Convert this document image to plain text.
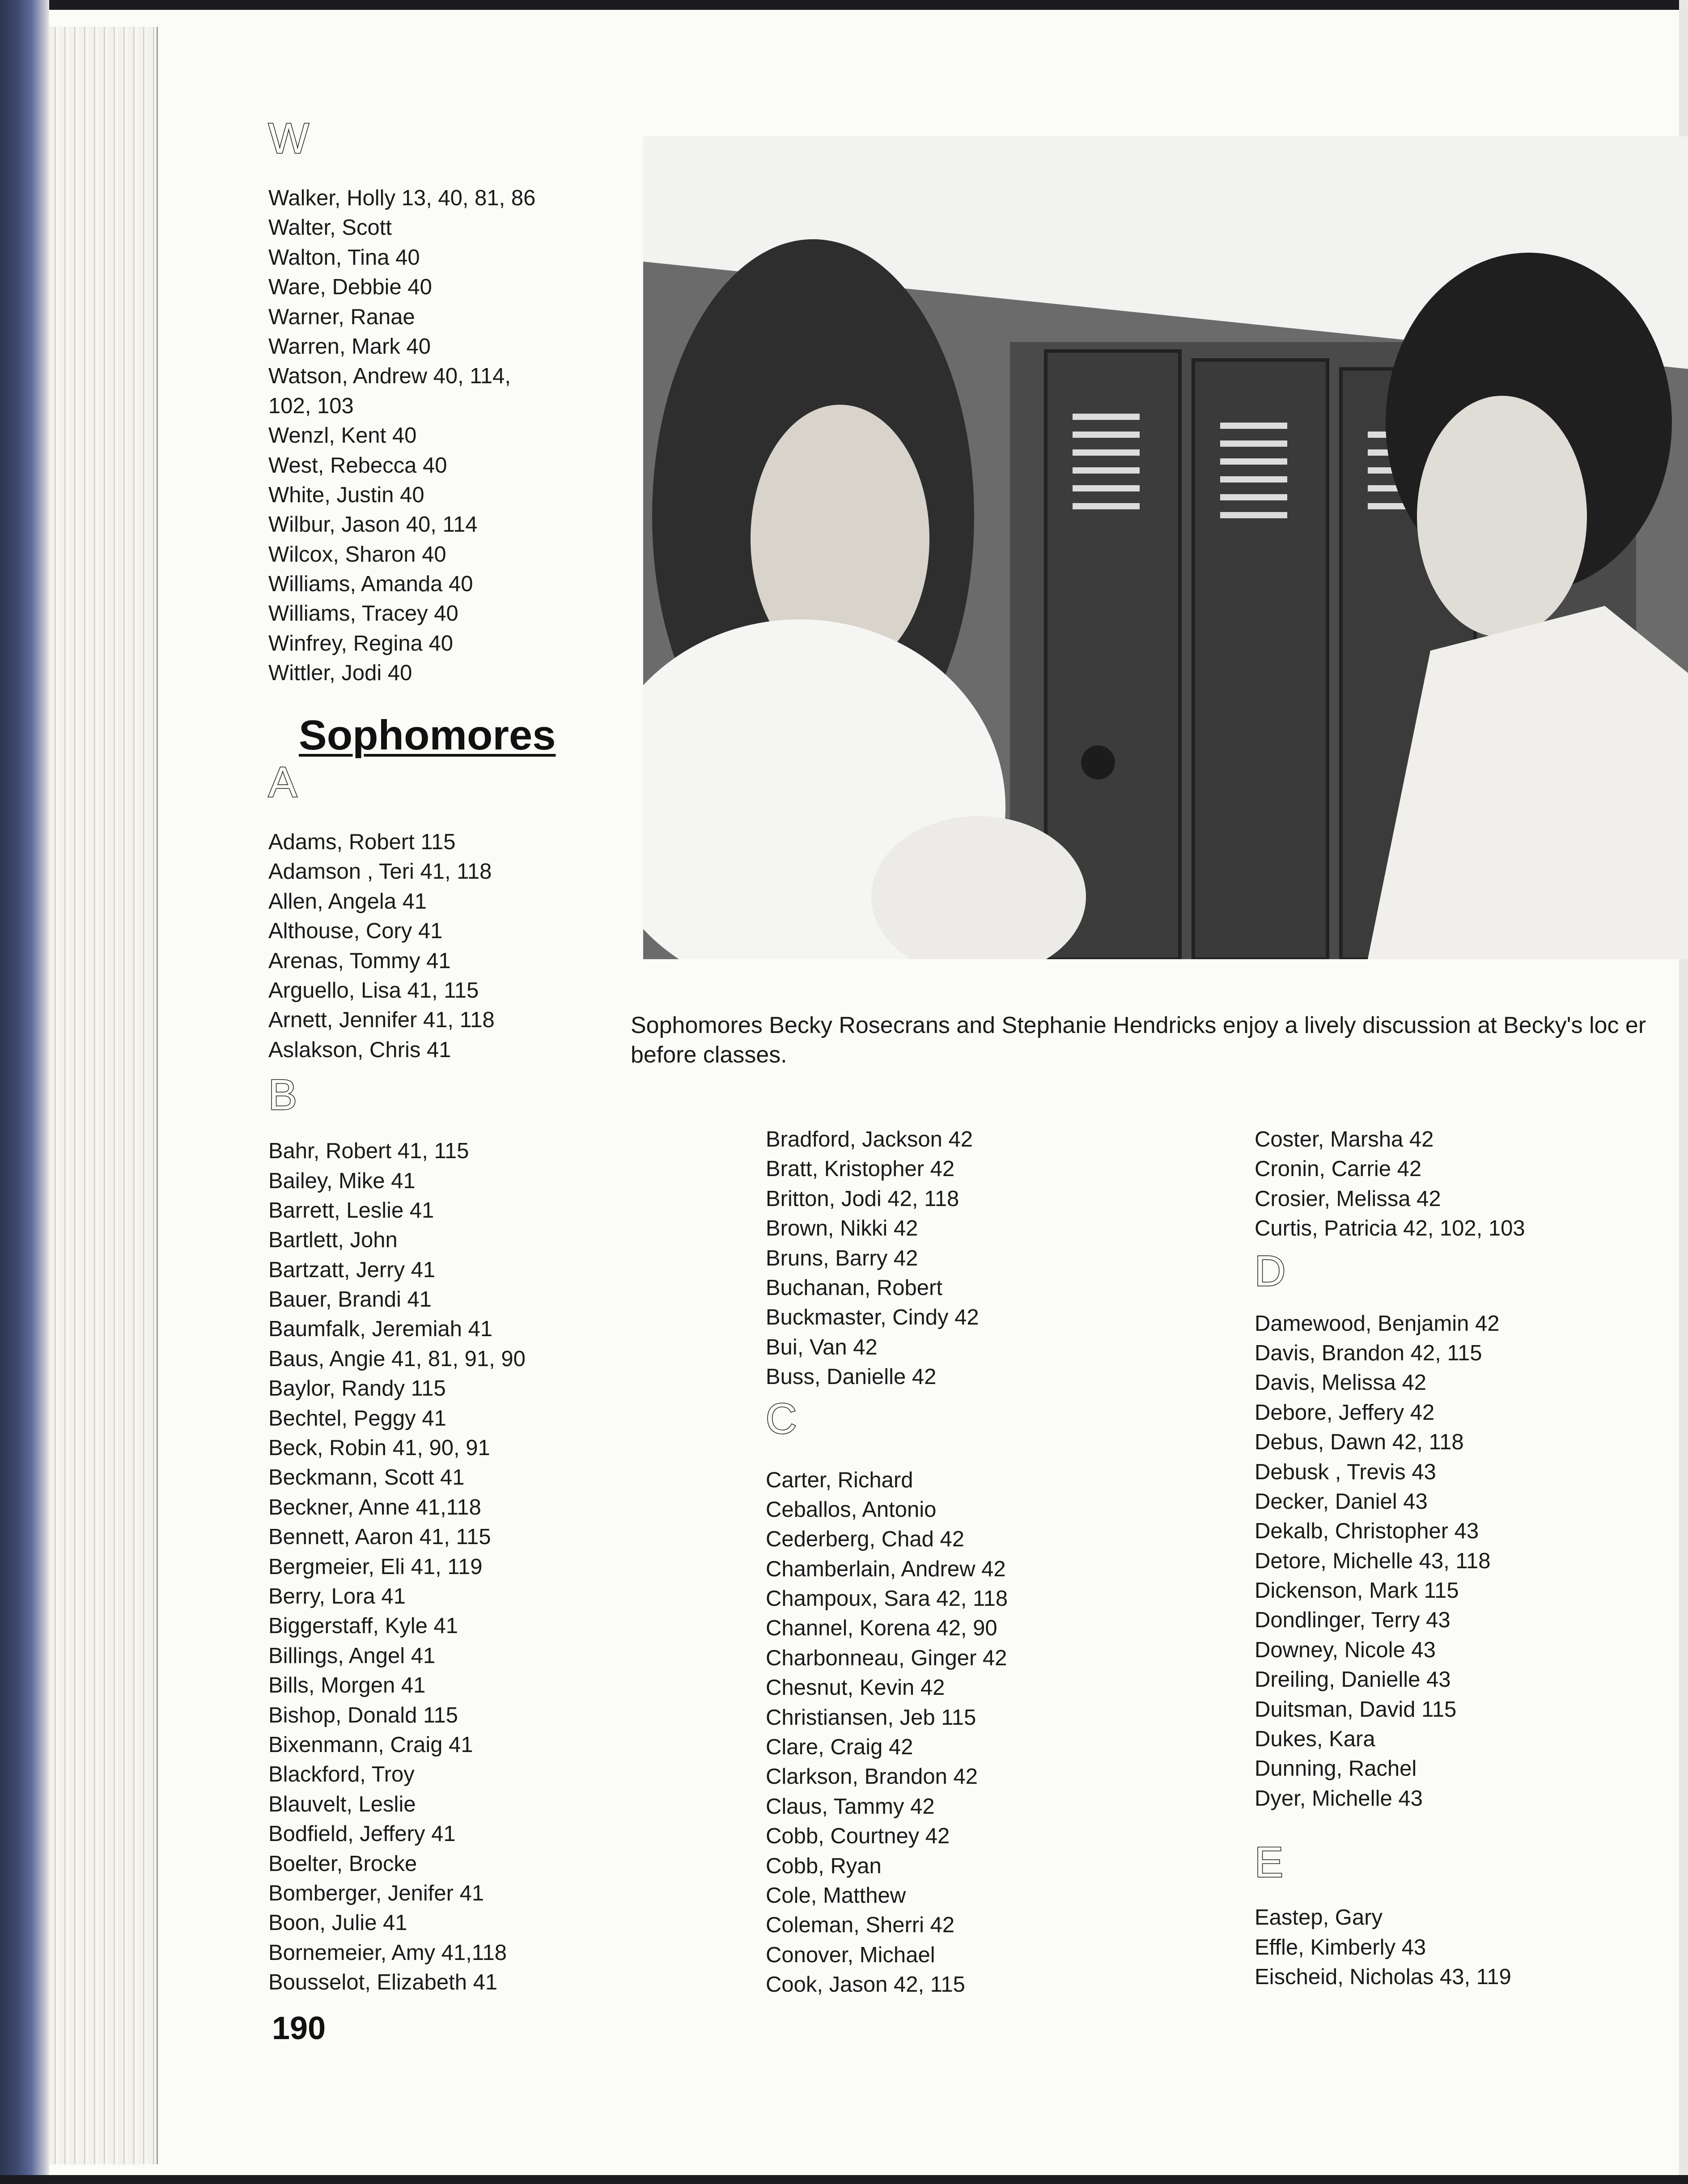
W
Walker, Holly 13, 40, 81, 86
Walter, Scott
Walton, Tina 40
Ware, Debbie 40
Warner, Ranae
Warren, Mark 40
Watson, Andrew 40, 114,
102, 103
Wenzl, Kent 40
West, Rebecca 40
White, Justin 40
Wilbur, Jason 40, 114
Wilcox, Sharon 40
Williams, Amanda 40
Williams, Tracey 40
Winfrey, Regina 40
Wittler, Jodi 40
Sophomores
A
Adams, Robert 115
Adamson , Teri 41, 118
Allen, Angela 41
Althouse, Cory 41
Arenas, Tommy 41
Arguello, Lisa 41, 115
Arnett, Jennifer 41, 118
Aslakson, Chris 41
B
Bahr, Robert 41, 115
Bailey, Mike 41
Barrett, Leslie 41
Bartlett, John
Bartzatt, Jerry 41
Bauer, Brandi 41
Baumfalk, Jeremiah 41
Baus, Angie 41, 81, 91, 90
Baylor, Randy 115
Bechtel, Peggy 41
Beck, Robin 41, 90, 91
Beckmann, Scott 41
Beckner, Anne 41,118
Bennett, Aaron 41, 115
Bergmeier, Eli 41, 119
Berry, Lora 41
Biggerstaff, Kyle 41
Billings, Angel 41
Bills, Morgen 41
Bishop, Donald 115
Bixenmann, Craig 41
Blackford, Troy
Blauvelt, Leslie
Bodfield, Jeffery 41
Boelter, Brocke
Bomberger, Jenifer 41
Boon, Julie 41
Bornemeier, Amy 41,118
Bousselot, Elizabeth 41
Sophomores Becky Rosecrans and Stephanie Hendricks enjoy a lively discussion at Becky's loc er before classes.
Bradford, Jackson 42
Bratt, Kristopher 42
Britton, Jodi 42, 118
Brown, Nikki 42
Bruns, Barry 42
Buchanan, Robert
Buckmaster, Cindy 42
Bui, Van 42
Buss, Danielle 42
C
Carter, Richard
Ceballos, Antonio
Cederberg, Chad 42
Chamberlain, Andrew 42
Champoux, Sara 42, 118
Channel, Korena 42, 90
Charbonneau, Ginger 42
Chesnut, Kevin 42
Christiansen, Jeb 115
Clare, Craig 42
Clarkson, Brandon 42
Claus, Tammy 42
Cobb, Courtney 42
Cobb, Ryan
Cole, Matthew
Coleman, Sherri 42
Conover, Michael
Cook, Jason 42, 115
Coster, Marsha 42
Cronin, Carrie 42
Crosier, Melissa 42
Curtis, Patricia 42, 102, 103
D
Damewood, Benjamin 42
Davis, Brandon 42, 115
Davis, Melissa 42
Debore, Jeffery 42
Debus, Dawn 42, 118
Debusk , Trevis 43
Decker, Daniel 43
Dekalb, Christopher 43
Detore, Michelle 43, 118
Dickenson, Mark 115
Dondlinger, Terry 43
Downey, Nicole 43
Dreiling, Danielle 43
Duitsman, David 115
Dukes, Kara
Dunning, Rachel
Dyer, Michelle 43
E
Eastep, Gary
Effle, Kimberly 43
Eischeid, Nicholas 43, 119
190
